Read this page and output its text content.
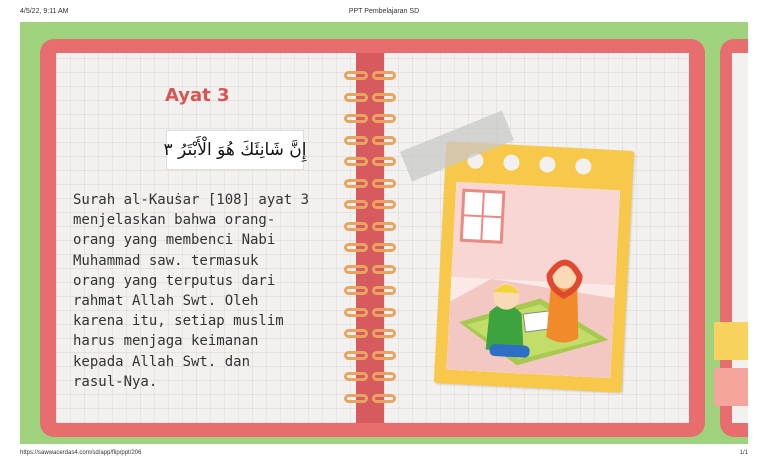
4/5/22, 9:11 AM	PPT Pembelajaran SD
Ayat 3
إِنَّ شَانِئَكَ هُوَ الْأَبْتَرُ ٣

Surah al-Kauṡar [108] ayat 3
menjelaskan bahwa orang-
orang yang membenci Nabi
Muhammad saw. termasuk
orang yang terputus dari
rahmat Allah Swt. Oleh
karena itu, setiap muslim
harus menjaga keimanan
kepada Allah Swt. dan
rasul-Nya.

https://sawwacerdas4.com/sd/app/flip/ppt/206	1/1
